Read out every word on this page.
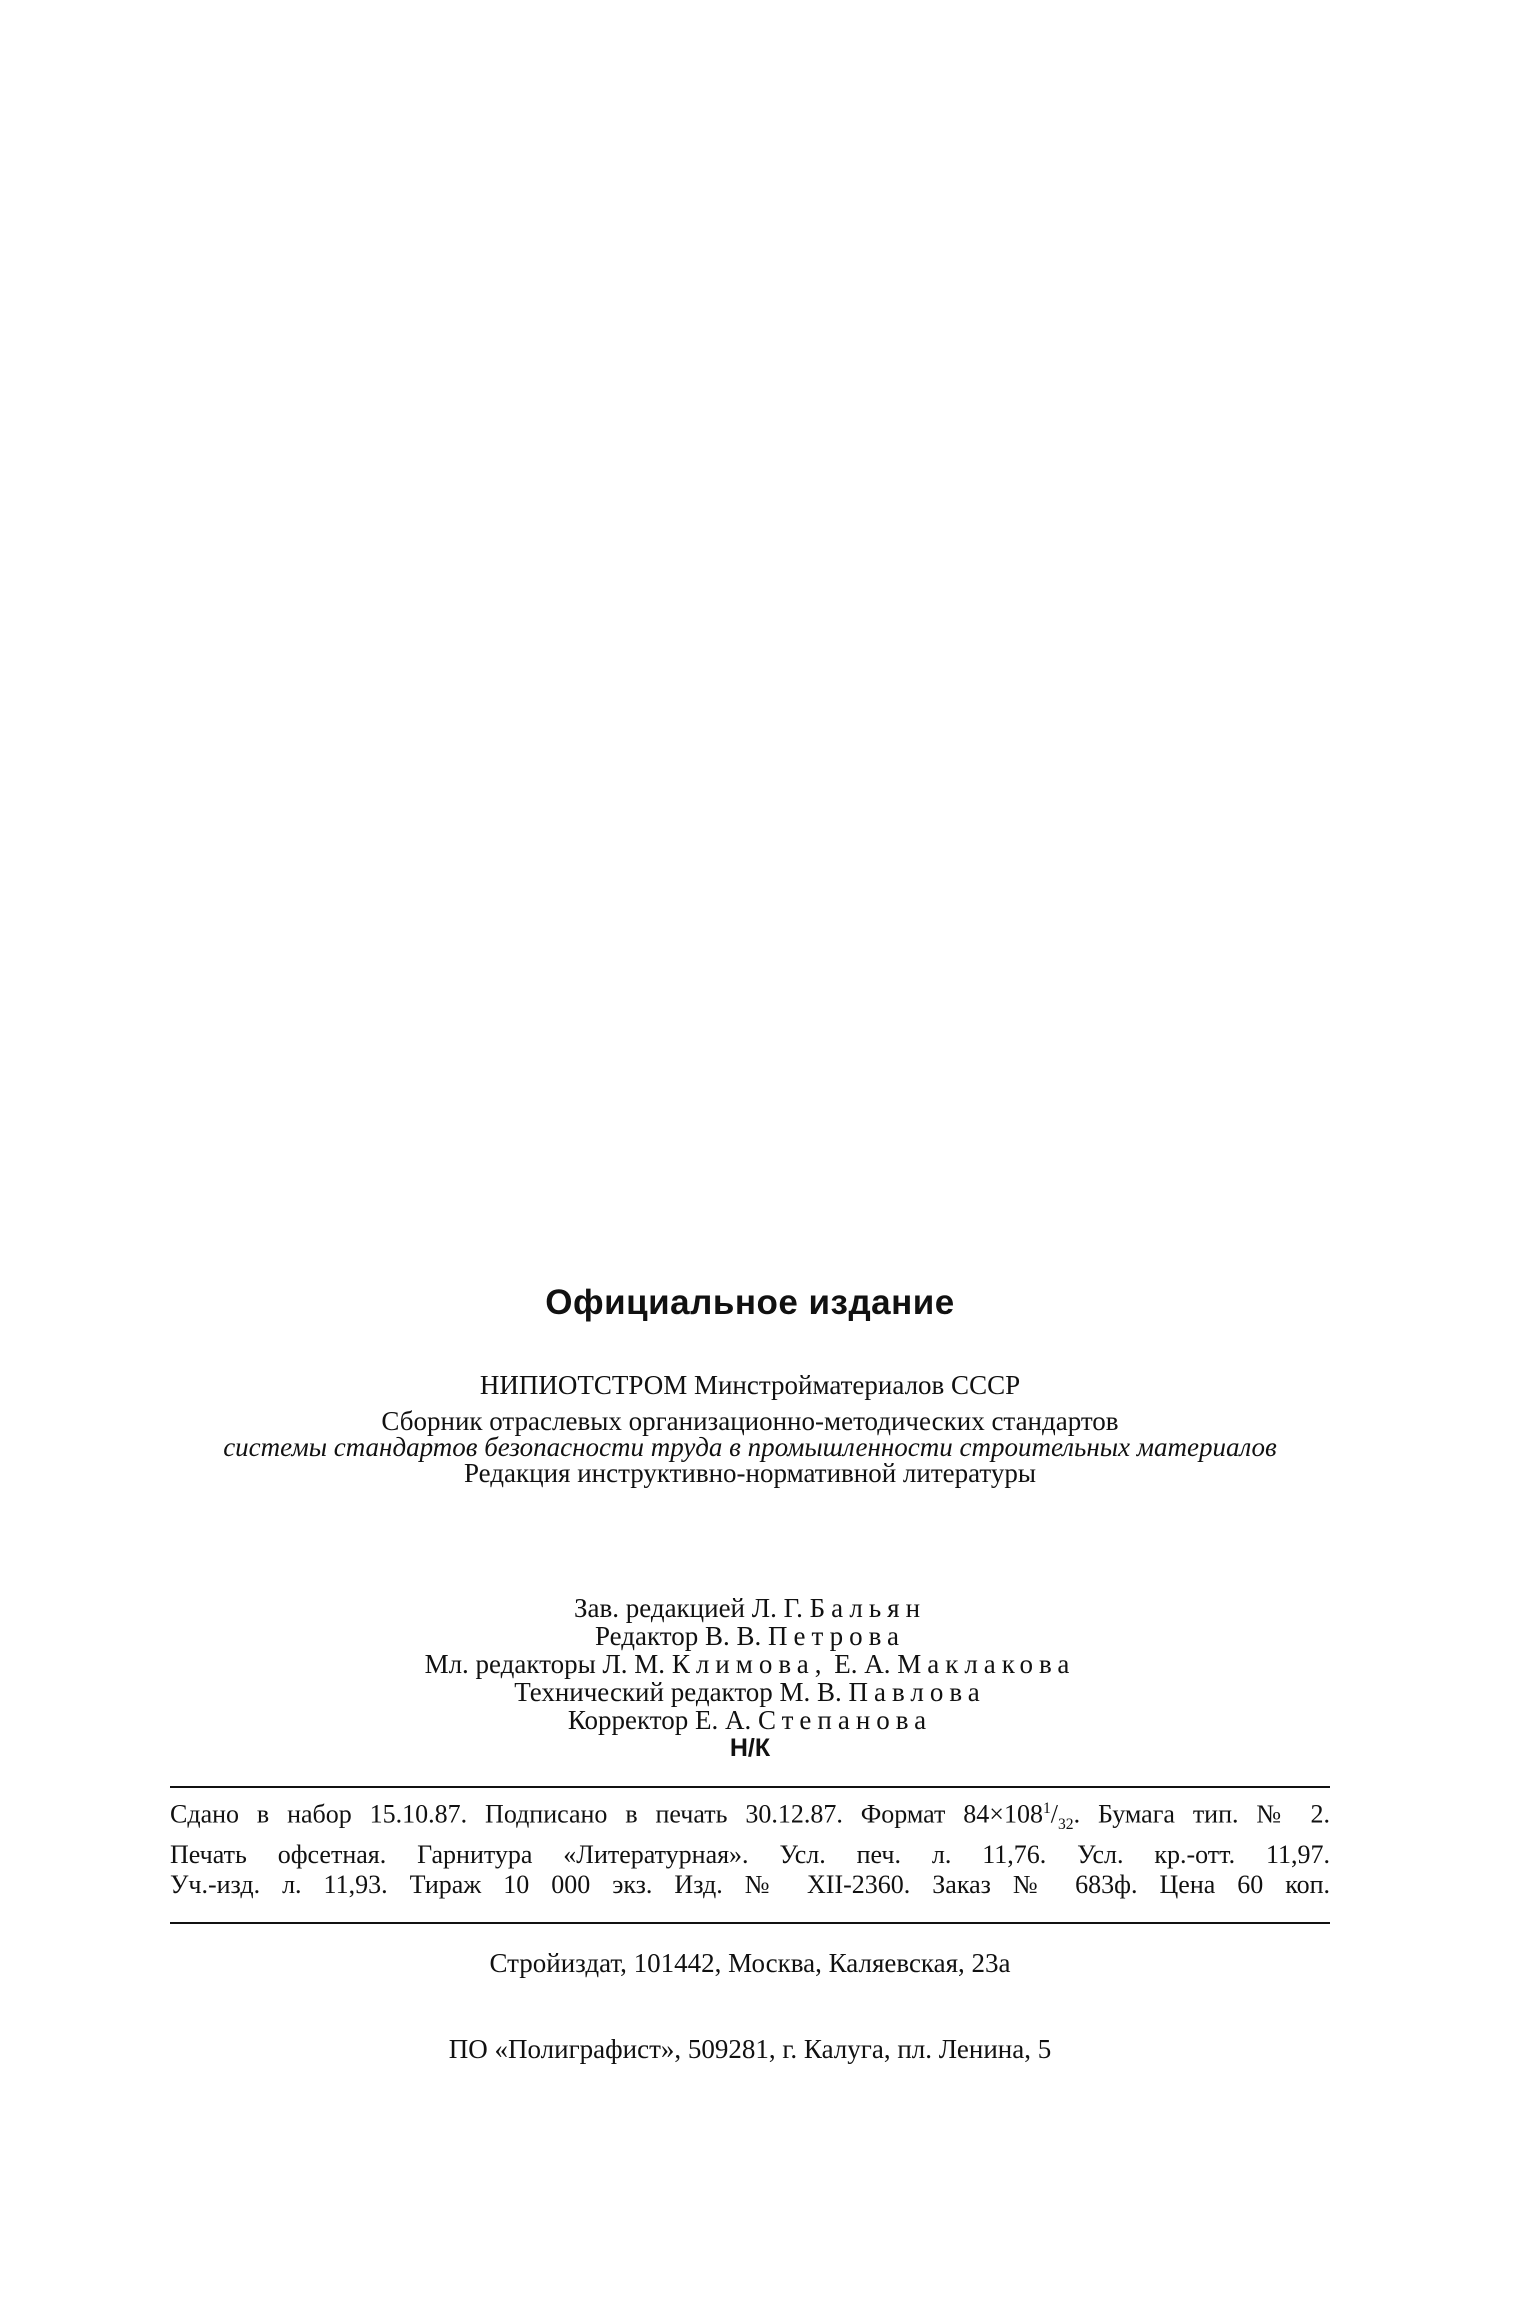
Официальное издание
НИПИОТСТРОМ Минстройматериалов СССР
Сборник отраслевых организационно-методических стандартов
системы стандартов безопасности труда в промышленности строительных материалов
Редакция инструктивно-нормативной литературы
Зав. редакцией Л. Г. Бальян
Редактор В. В. Петрова
Мл. редакторы Л. М. Климова, Е. А. Маклакова
Технический редактор М. В. Павлова
Корректор Е. А. Степанова
Н/К
Сдано в набор 15.10.87. Подписано в печать 30.12.87. Формат $84\times 108^1/_{32}$. Бумага тип. № 2.
Печать офсетная. Гарнитура «Литературная». Усл. печ. л. 11,76. Усл. кр.-отт. 11,97.
Уч.-изд. л. 11,93. Тираж 10 000 экз. Изд. № XII-2360. Заказ № 683ф. Цена 60 коп.
Стройиздат, 101442, Москва, Каляевская, 23а
ПО «Полиграфист», 509281, г. Калуга, пл. Ленина, 5
